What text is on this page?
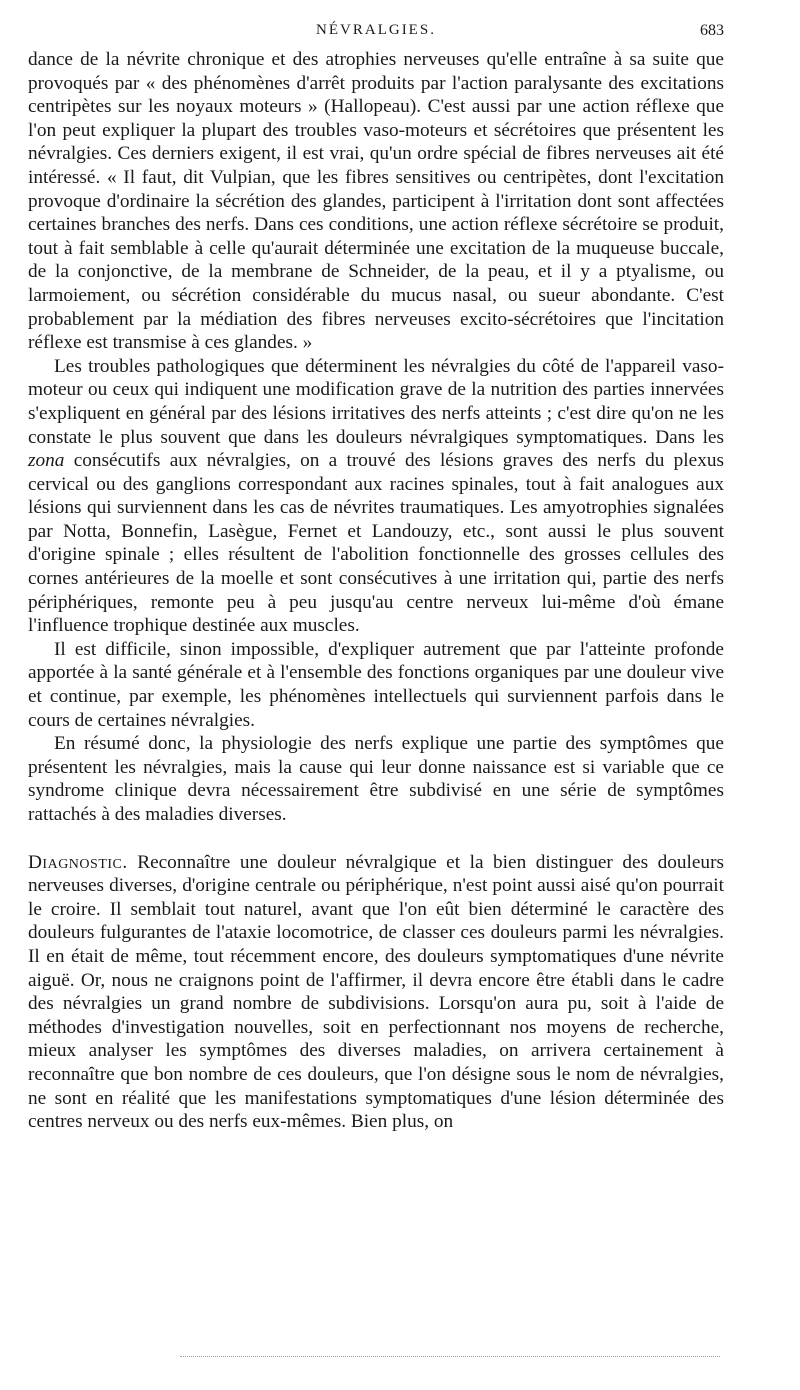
NÉVRALGIES.	683

dance de la névrite chronique et des atrophies nerveuses qu'elle entraîne à sa suite que provoqués par « des phénomènes d'arrêt produits par l'action paralysante des excitations centripètes sur les noyaux moteurs » (Hallopeau). C'est aussi par une action réflexe que l'on peut expliquer la plupart des troubles vaso-moteurs et sécrétoires que présentent les névralgies. Ces derniers exigent, il est vrai, qu'un ordre spécial de fibres nerveuses ait été intéressé. « Il faut, dit Vulpian, que les fibres sensitives ou centripètes, dont l'excitation provoque d'ordinaire la sécrétion des glandes, participent à l'irritation dont sont affectées certaines branches des nerfs. Dans ces conditions, une action réflexe sécrétoire se produit, tout à fait semblable à celle qu'aurait déterminée une excitation de la muqueuse buccale, de la conjonctive, de la membrane de Schneider, de la peau, et il y a ptyalisme, ou larmoiement, ou sécrétion considérable du mucus nasal, ou sueur abondante. C'est probablement par la médiation des fibres nerveuses excito-sécrétoires que l'incitation réflexe est transmise à ces glandes. »

Les troubles pathologiques que déterminent les névralgies du côté de l'appareil vaso-moteur ou ceux qui indiquent une modification grave de la nutrition des parties innervées s'expliquent en général par des lésions irritatives des nerfs atteints ; c'est dire qu'on ne les constate le plus souvent que dans les douleurs névralgiques symptomatiques. Dans les zona consécutifs aux névralgies, on a trouvé des lésions graves des nerfs du plexus cervical ou des ganglions correspondant aux racines spinales, tout à fait analogues aux lésions qui surviennent dans les cas de névrites traumatiques. Les amyotrophies signalées par Notta, Bonnefin, Lasègue, Fernet et Landouzy, etc., sont aussi le plus souvent d'origine spinale ; elles résultent de l'abolition fonctionnelle des grosses cellules des cornes antérieures de la moelle et sont consécutives à une irritation qui, partie des nerfs périphériques, remonte peu à peu jusqu'au centre nerveux lui-même d'où émane l'influence trophique destinée aux muscles.

Il est difficile, sinon impossible, d'expliquer autrement que par l'atteinte profonde apportée à la santé générale et à l'ensemble des fonctions organiques par une douleur vive et continue, par exemple, les phénomènes intellectuels qui surviennent parfois dans le cours de certaines névralgies.

En résumé donc, la physiologie des nerfs explique une partie des symptômes que présentent les névralgies, mais la cause qui leur donne naissance est si variable que ce syndrome clinique devra nécessairement être subdivisé en une série de symptômes rattachés à des maladies diverses.

Diagnostic. Reconnaître une douleur névralgique et la bien distinguer des douleurs nerveuses diverses, d'origine centrale ou périphérique, n'est point aussi aisé qu'on pourrait le croire. Il semblait tout naturel, avant que l'on eût bien déterminé le caractère des douleurs fulgurantes de l'ataxie locomotrice, de classer ces douleurs parmi les névralgies. Il en était de même, tout récemment encore, des douleurs symptomatiques d'une névrite aiguë. Or, nous ne craignons point de l'affirmer, il devra encore être établi dans le cadre des névralgies un grand nombre de subdivisions. Lorsqu'on aura pu, soit à l'aide de méthodes d'investigation nouvelles, soit en perfectionnant nos moyens de recherche, mieux analyser les symptômes des diverses maladies, on arrivera certainement à reconnaître que bon nombre de ces douleurs, que l'on désigne sous le nom de névralgies, ne sont en réalité que les manifestations symptomatiques d'une lésion déterminée des centres nerveux ou des nerfs eux-mêmes. Bien plus, on
